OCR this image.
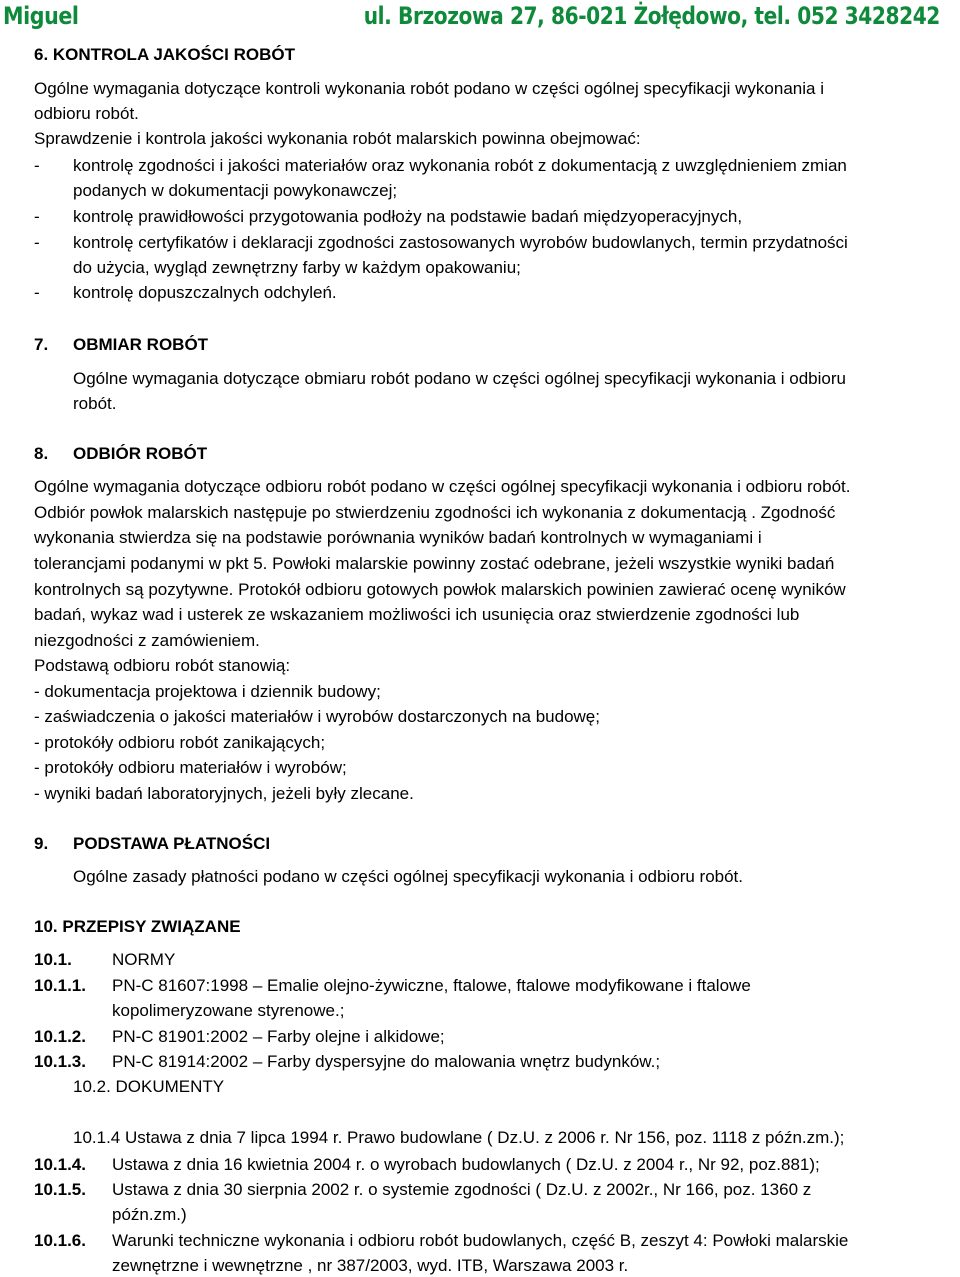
Miguel	ul. Brzozowa 27, 86-021 Żołędowo, tel. 052 3428242
6. KONTROLA JAKOŚCI ROBÓT
Ogólne wymagania dotyczące kontroli wykonania robót podano w części ogólnej specyfikacji wykonania i
odbioru robót.
Sprawdzenie i kontrola jakości wykonania robót malarskich powinna obejmować:
- kontrolę zgodności i jakości materiałów oraz wykonania robót z dokumentacją z uwzględnieniem zmian
podanych w dokumentacji powykonawczej;
- kontrolę prawidłowości przygotowania podłoży na podstawie badań międzyoperacyjnych,
- kontrolę certyfikatów i deklaracji zgodności zastosowanych wyrobów budowlanych, termin przydatności
do użycia, wygląd zewnętrzny farby w każdym opakowaniu;
- kontrolę dopuszczalnych odchyleń.
7. OBMIAR ROBÓT
Ogólne wymagania dotyczące obmiaru robót podano w części ogólnej specyfikacji wykonania i odbioru
robót.
8. ODBIÓR ROBÓT
Ogólne wymagania dotyczące odbioru robót podano w części ogólnej specyfikacji wykonania i odbioru robót.
Odbiór powłok malarskich następuje po stwierdzeniu zgodności ich wykonania z dokumentacją . Zgodność
wykonania stwierdza się na podstawie porównania wyników badań kontrolnych w wymaganiami i
tolerancjami podanymi w pkt 5. Powłoki malarskie powinny zostać odebrane, jeżeli wszystkie wyniki badań
kontrolnych są pozytywne. Protokół odbioru gotowych powłok malarskich powinien zawierać ocenę wyników
badań, wykaz wad i usterek ze wskazaniem możliwości ich usunięcia oraz stwierdzenie zgodności lub
niezgodności z zamówieniem.
Podstawą odbioru robót stanowią:
- dokumentacja projektowa i dziennik budowy;
- zaświadczenia o jakości materiałów i wyrobów dostarczonych na budowę;
- protokóły odbioru robót zanikających;
- protokóły odbioru materiałów i wyrobów;
- wyniki badań laboratoryjnych, jeżeli były zlecane.
9. PODSTAWA PŁATNOŚCI
Ogólne zasady płatności podano w części ogólnej specyfikacji wykonania i odbioru robót.
10. PRZEPISY ZWIĄZANE
10.1. NORMY
10.1.1. PN-C 81607:1998 – Emalie olejno-żywiczne, ftalowe, ftalowe modyfikowane i ftalowe
kopolimeryzowane styrenowe.;
10.1.2. PN-C 81901:2002 – Farby olejne i alkidowe;
10.1.3. PN-C 81914:2002 – Farby dyspersyjne do malowania wnętrz budynków.;
10.2. DOKUMENTY
10.1.4 Ustawa z dnia 7 lipca 1994 r. Prawo budowlane ( Dz.U. z 2006 r. Nr 156, poz. 1118 z późn.zm.);
10.1.4. Ustawa z dnia 16 kwietnia 2004 r. o wyrobach budowlanych ( Dz.U. z 2004 r., Nr 92, poz.881);
10.1.5. Ustawa z dnia 30 sierpnia 2002 r. o systemie zgodności ( Dz.U. z 2002r., Nr 166, poz. 1360 z
późn.zm.)
10.1.6. Warunki techniczne wykonania i odbioru robót budowlanych, część B, zeszyt 4: Powłoki malarskie
zewnętrzne i wewnętrzne , nr 387/2003, wyd. ITB, Warszawa 2003 r.
